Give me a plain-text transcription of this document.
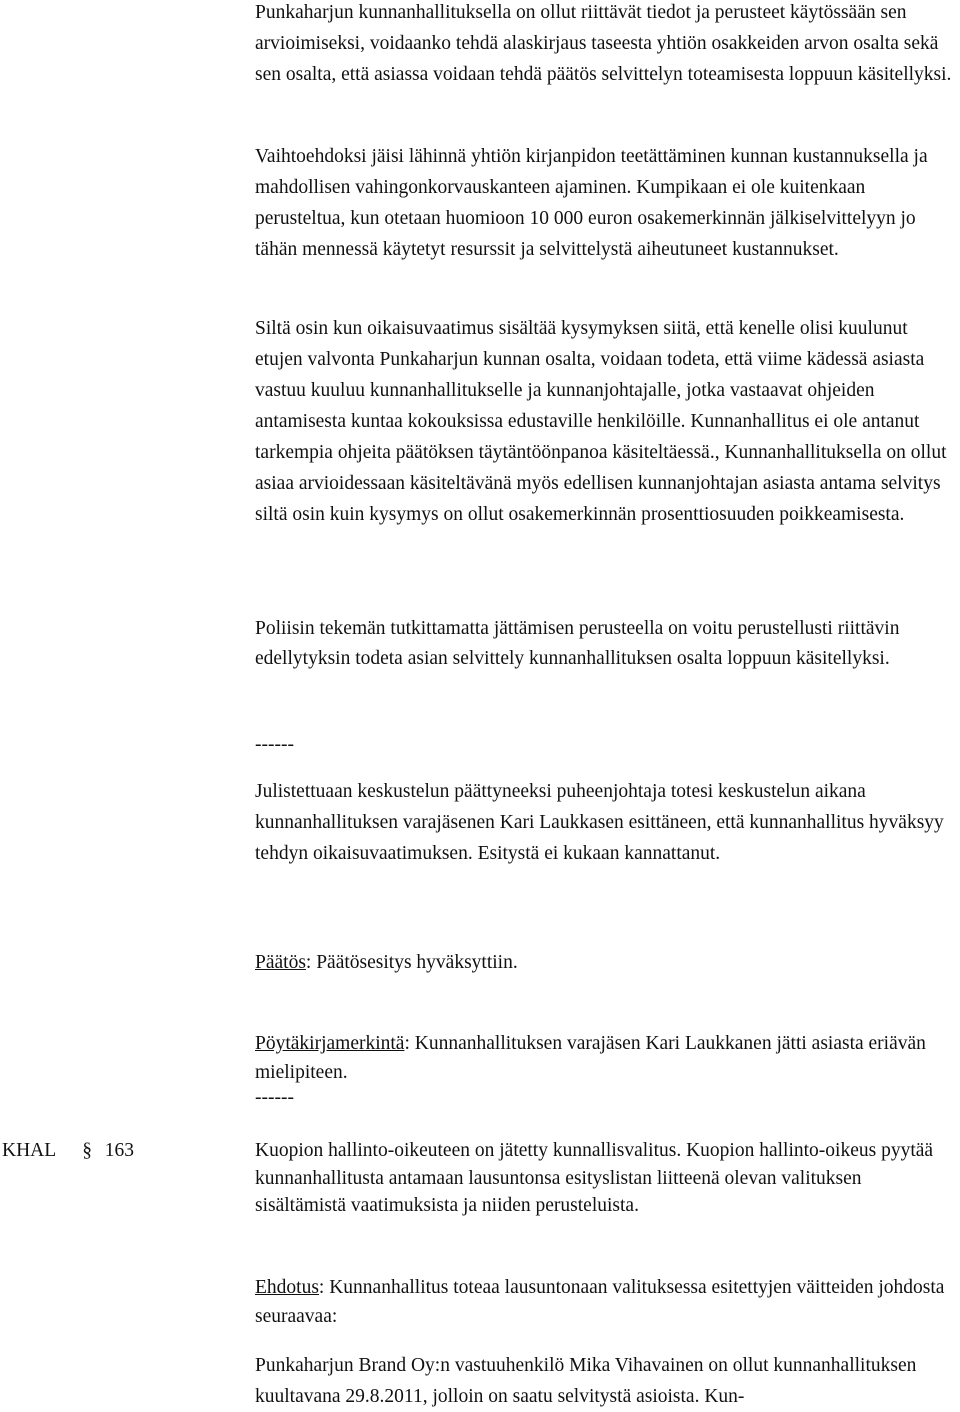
Punkaharjun kunnanhallituksella on ollut riittävät tiedot ja perusteet käytössään sen arvioimiseksi, voidaanko tehdä alaskirjaus taseesta yhtiön osakkeiden arvon osalta sekä sen osalta, että asiassa voidaan tehdä päätös selvittelyn toteamisesta loppuun käsitellyksi.

Vaihtoehdoksi jäisi lähinnä yhtiön kirjanpidon teetättäminen kunnan kustannuksella ja mahdollisen vahingonkorvauskanteen ajaminen. Kumpikaan ei ole kuitenkaan perusteltua, kun otetaan huomioon 10 000 euron osakemerkinnän jälkiselvittelyyn jo tähän mennessä käytetyt resurssit ja selvittelystä aiheutuneet kustannukset.

Siltä osin kun oikaisuvaatimus sisältää kysymyksen siitä, että kenelle olisi kuulunut etujen valvonta Punkaharjun kunnan osalta, voidaan todeta, että viime kädessä asiasta vastuu kuuluu kunnanhallitukselle ja kunnanjohtajalle, jotka vastaavat ohjeiden antamisesta kuntaa kokouksissa edustaville henkilöille. Kunnanhallitus ei ole antanut tarkempia ohjeita päätöksen täytäntöönpanoa käsiteltäessä., Kunnanhallituksella on ollut asiaa arvioidessaan käsiteltävänä myös edellisen kunnanjohtajan asiasta antama selvitys siltä osin kuin kysymys on ollut osakemerkinnän prosenttiosuuden poikkeamisesta.

Poliisin tekemän tutkittamatta jättämisen perusteella on voitu perustellusti riittävin edellytyksin todeta asian selvittely kunnanhallituksen osalta loppuun käsitellyksi.

------

Julistettuaan keskustelun päättyneeksi puheenjohtaja totesi keskustelun aikana kunnanhallituksen varajäsenen Kari Laukkasen esittäneen, että kunnanhallitus hyväksyy tehdyn oikaisuvaatimuksen. Esitystä ei kukaan kannattanut.

Päätös: Päätösesitys hyväksyttiin.

Pöytäkirjamerkintä: Kunnanhallituksen varajäsen Kari Laukkanen jätti asiasta eriävän mielipiteen.

------

KHAL § 163	Kuopion hallinto-oikeuteen on jätetty kunnallisvalitus. Kuopion hallinto-oikeus pyytää kunnanhallitusta antamaan lausuntonsa esityslistan liitteenä olevan valituksen sisältämistä vaatimuksista ja niiden perusteluista.

Ehdotus: Kunnanhallitus toteaa lausuntonaan valituksessa esitettyjen väitteiden johdosta seuraavaa:

Punkaharjun Brand Oy:n vastuuhenkilö Mika Vihavainen on ollut kunnanhallituksen kuultavana 29.8.2011, jolloin on saatu selvitystä asioista. Kun-
